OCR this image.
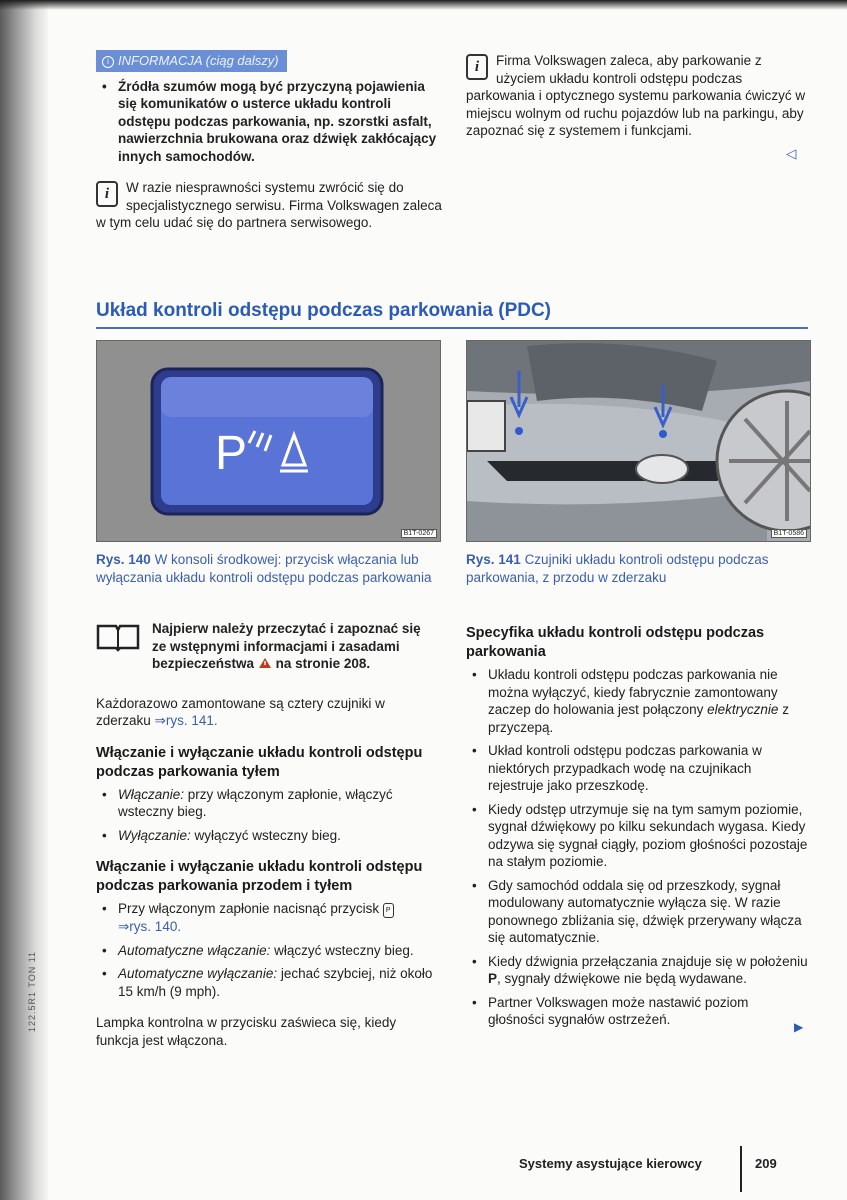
122.5R1 TON 11
i INFORMACJA (ciąg dalszy)
• Źródła szumów mogą być przyczyną pojawienia się komunikatów o usterce układu kontroli odstępu podczas parkowania, np. szorstki asfalt, nawierzchnia brukowana oraz dźwięk zakłócający innych samochodów.
i	W razie niesprawności systemu zwrócić się do specjalistycznego serwisu. Firma Volkswagen zaleca w tym celu udać się do partnera serwisowego.
i	Firma Volkswagen zaleca, aby parkowanie z użyciem układu kontroli odstępu podczas parkowania i optycznego systemu parkowania ćwiczyć w miejscu wolnym od ruchu pojazdów lub na parkingu, aby zapoznać się z systemem i funkcjami.
◁
Układ kontroli odstępu podczas parkowania (PDC)
P
B1T-0267
Rys. 140 W konsoli środkowej: przycisk włączania lub wyłączania układu kontroli odstępu podczas parkowania
B1T-0586
Rys. 141 Czujniki układu kontroli odstępu podczas parkowania, z przodu w zderzaku
Najpierw należy przeczytać i zapoznać się ze wstępnymi informacjami i zasadami bezpieczeństwa na stronie 208.

Każdorazowo zamontowane są cztery czujniki w zderzaku ⇒rys. 141.

Włączanie i wyłączanie układu kontroli odstępu podczas parkowania tyłem
• Włączanie: przy włączonym zapłonie, włączyć wsteczny bieg.
• Wyłączanie: wyłączyć wsteczny bieg.
Włączanie i wyłączanie układu kontroli odstępu podczas parkowania przodem i tyłem
• Przy włączonym zapłonie nacisnąć przycisk P
⇒rys. 140.
• Automatyczne włączanie: włączyć wsteczny bieg.
• Automatyczne wyłączanie: jechać szybciej, niż około 15 km/h (9 mph).

Lampka kontrolna w przycisku zaświeca się, kiedy funkcja jest włączona.

Specyfika układu kontroli odstępu podczas parkowania
• Układu kontroli odstępu podczas parkowania nie można wyłączyć, kiedy fabrycznie zamontowany zaczep do holowania jest połączony elektrycznie z przyczepą.
• Układ kontroli odstępu podczas parkowania w niektórych przypadkach wodę na czujnikach rejestruje jako przeszkodę.
• Kiedy odstęp utrzymuje się na tym samym poziomie, sygnał dźwiękowy po kilku sekundach wygasa. Kiedy odzywa się sygnał ciągły, poziom głośności pozostaje na stałym poziomie.
• Gdy samochód oddala się od przeszkody, sygnał modulowany automatycznie wyłącza się. W razie ponownego zbliżania się, dźwięk przerywany włącza się automatycznie.
• Kiedy dźwignia przełączania znajduje się w położeniu P, sygnały dźwiękowe nie będą wydawane.
• Partner Volkswagen może nastawić poziom głośności sygnałów ostrzeżeń.	▶
Systemy asystujące kierowcy	209
